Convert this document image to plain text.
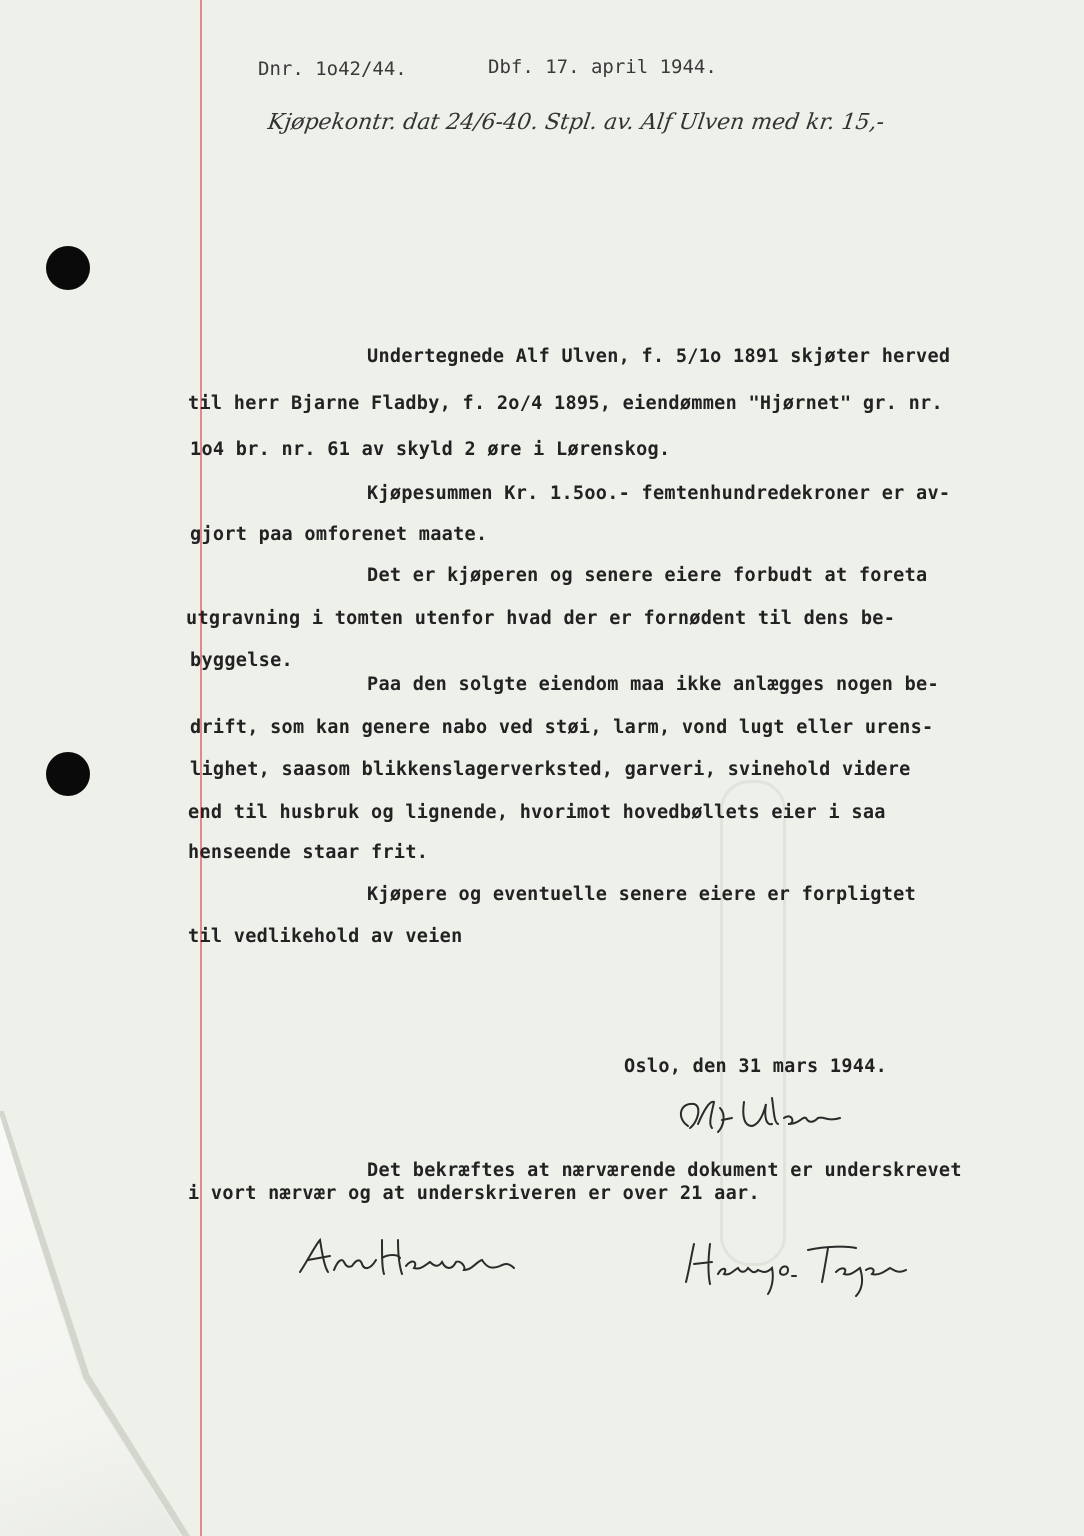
Dnr. 1o42/44.	Dbf. 17. april 1944.
Kjøpekontr. dat 24/6-40. Stpl. av. Alf Ulven med kr. 15,-
Undertegnede Alf Ulven, f. 5/1o 1891 skjøter herved
til herr Bjarne Fladby, f. 2o/4 1895, eiendømmen "Hjørnet" gr. nr.
1o4 br. nr. 61 av skyld 2 øre i Lørenskog.
Kjøpesummen Kr. 1.5oo.- femtenhundredekroner er av-
gjort paa omforenet maate.
Det er kjøperen og senere eiere forbudt at foreta
utgravning i tomten utenfor hvad der er fornødent til dens be-
byggelse.
Paa den solgte eiendom maa ikke anlægges nogen be-
drift, som kan genere nabo ved støi, larm, vond lugt eller urens-
lighet, saasom blikkenslagerverksted, garveri, svinehold videre
end til husbruk og lignende, hvorimot hovedbøllets eier i saa
henseende staar frit.
Kjøpere og eventuelle senere eiere er forpligtet
til vedlikehold av veien
Oslo, den 31 mars 1944.
Det bekræftes at nærværende dokument er underskrevet
i vort nærvær og at underskriveren er over 21 aar.
